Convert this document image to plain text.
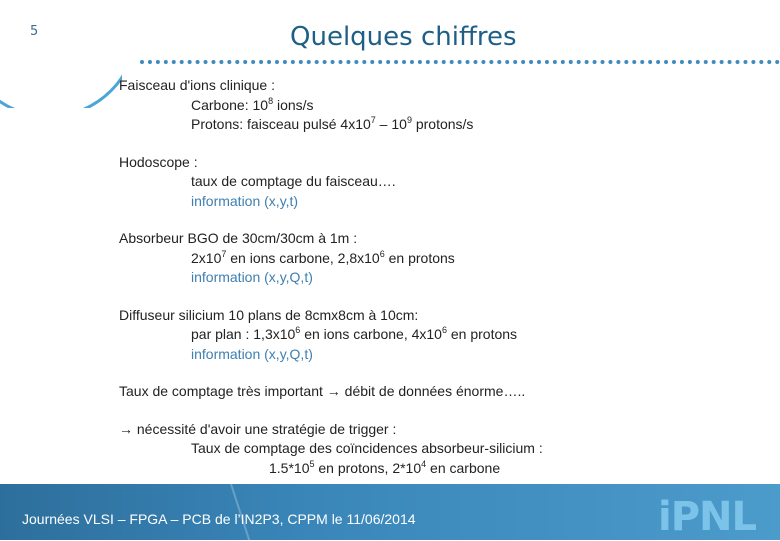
5	Quelques chiffres
Faisceau d'ions clinique :
Carbone: $10^8$ ions/s
Protons: faisceau pulsé $4x10^7 - 10^9$ protons/s
Hodoscope :
taux de comptage du faisceau….
information (x,y,t)
Absorbeur BGO de 30cm/30cm à 1m :
$2x10^7$ en ions carbone, $2,8x10^6$ en protons
information (x,y,Q,t)
Diffuseur silicium 10 plans de 8cmx8cm à 10cm:
par plan : $1,3x10^6$ en ions carbone, $4x10^6$ en protons
information (x,y,Q,t)
Taux de comptage très important → débit de données énorme…..
→ nécessité d'avoir une stratégie de trigger :
Taux de comptage des coïncidences absorbeur-silicium :
$1.5*10^5$ en protons, $2*10^4$ en carbone
Journées VLSI – FPGA – PCB de l’IN2P3, CPPM le 11/06/2014	iPNL
